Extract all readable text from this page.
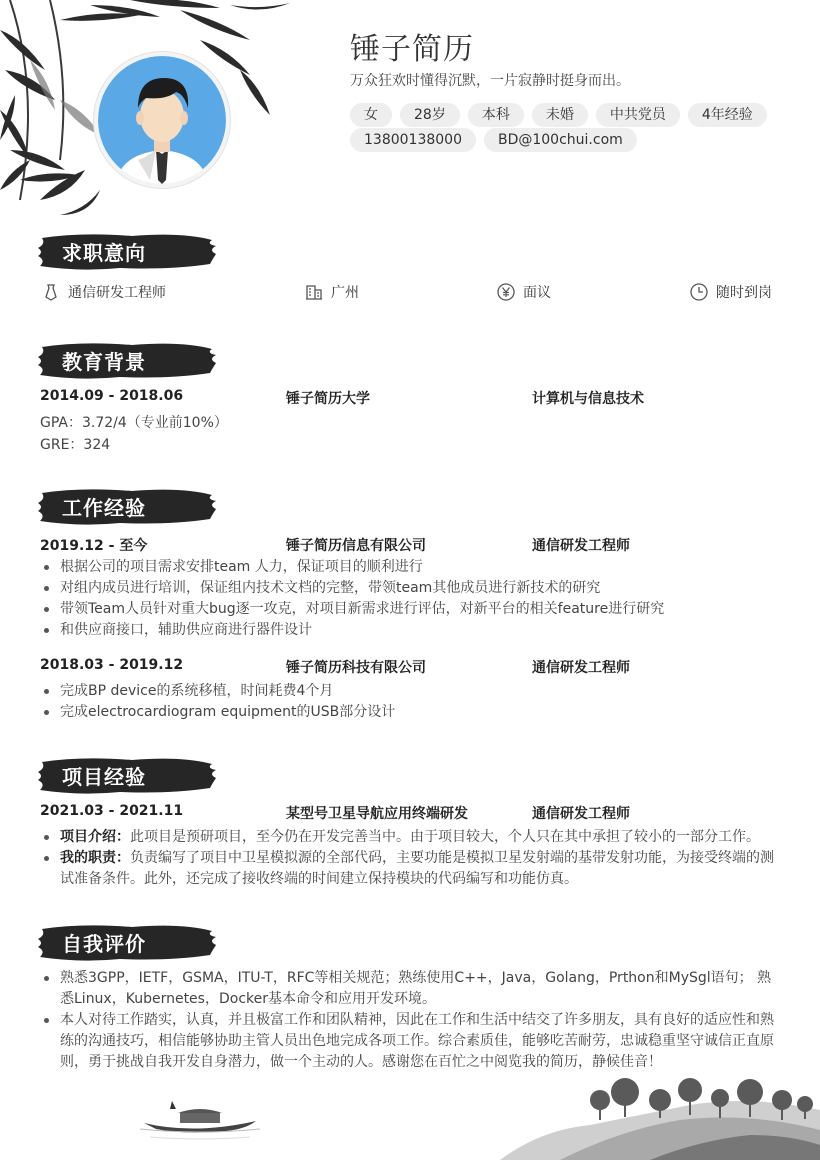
锤子简历
万众狂欢时懂得沉默，一片寂静时挺身而出。
女	28岁	本科	未婚	中共党员	4年经验
13800138000	BD@100chui.com
求职意向
通信研发工程师	广州	面议	随时到岗
教育背景
2014.09 - 2018.06	锤子简历大学	计算机与信息技术
GPA：3.72/4（专业前10%）
GRE：324
工作经验
2019.12 - 至今	锤子简历信息有限公司	通信研发工程师
根据公司的项目需求安排team 人力，保证项目的顺利进行
对组内成员进行培训，保证组内技术文档的完整，带领team其他成员进行新技术的研究
带领Team人员针对重大bug逐一攻克，对项目新需求进行评估，对新平台的相关feature进行研究
和供应商接口，辅助供应商进行器件设计
2018.03 - 2019.12	锤子简历科技有限公司	通信研发工程师
完成BP device的系统移植，时间耗费4个月
完成electrocardiogram equipment的USB部分设计
项目经验
2021.03 - 2021.11	某型号卫星导航应用终端研发	通信研发工程师
项目介绍：此项目是预研项目，至今仍在开发完善当中。由于项目较大，个人只在其中承担了较小的一部分工作。
我的职责：负责编写了项目中卫星模拟源的全部代码，主要功能是模拟卫星发射端的基带发射功能，为接受终端的测试准备条件。此外，还完成了接收终端的时间建立保持模块的代码编写和功能仿真。
自我评价
熟悉3GPP，IETF，GSMA，ITU-T，RFC等相关规范；熟练使用C++，Java，Golang，Prthon和MySgl语句； 熟悉Linux，Kubernetes，Docker基本命令和应用开发环境。
本人对待工作踏实，认真，并且极富工作和团队精神，因此在工作和生活中结交了许多朋友，具有良好的适应性和熟练的沟通技巧，相信能够协助主管人员出色地完成各项工作。综合素质佳，能够吃苦耐劳，忠诚稳重坚守诚信正直原则，勇于挑战自我开发自身潜力，做一个主动的人。感谢您在百忙之中阅览我的简历，静候佳音！
